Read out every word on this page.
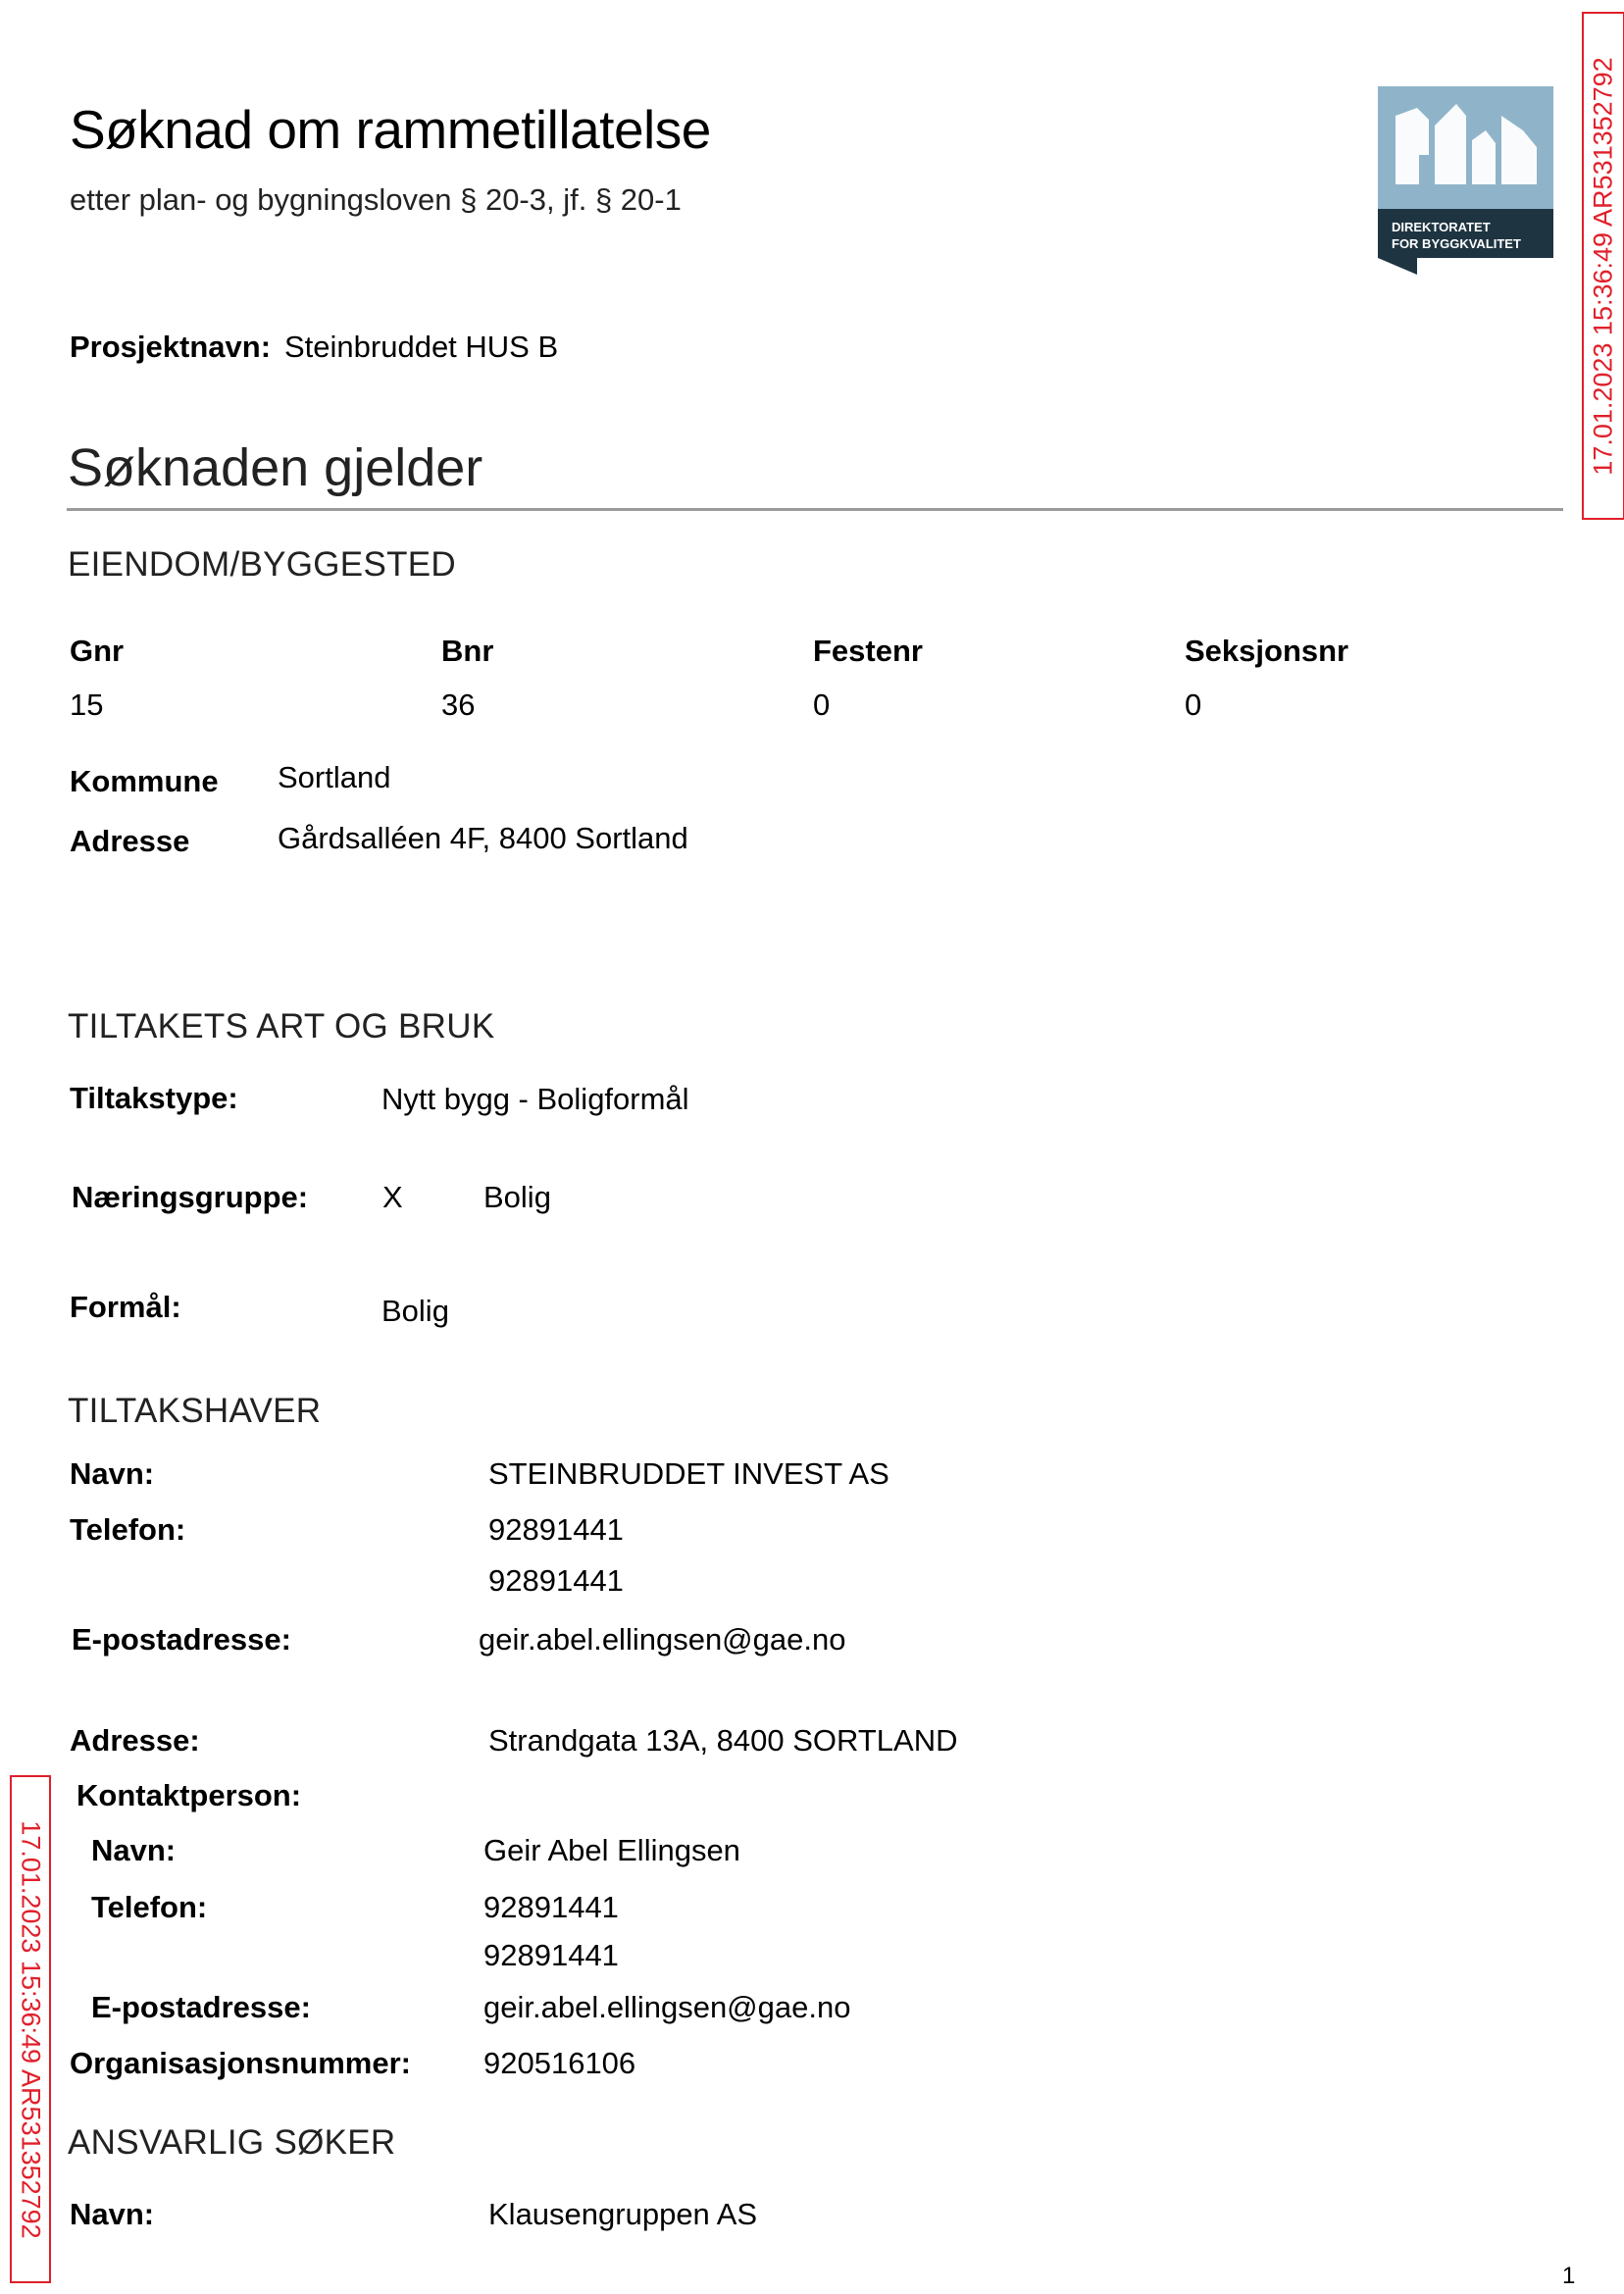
Søknad om rammetillatelse
etter plan- og bygningsloven § 20-3, jf. § 20-1
DIREKTORATET
FOR BYGGKVALITET	17.01.2023 15:36:49 AR531352792
17.01.2023 15:36:49 AR531352792
Prosjektnavn: Steinbruddet HUS B
Søknaden gjelder
EIENDOM/BYGGESTED
Gnr	Bnr	Festenr	Seksjonsnr
15	36	0	0
Kommune Sortland
Adresse	Gårdsalléen 4F, 8400 Sortland
TILTAKETS ART OG BRUK
Tiltakstype:	Nytt bygg - Boligformål
Næringsgruppe: X	Bolig
Formål:	Bolig
TILTAKSHAVER
Navn:	STEINBRUDDET INVEST AS
Telefon:	92891441
92891441
E-postadresse:	geir.abel.ellingsen@gae.no
Adresse:	Strandgata 13A, 8400 SORTLAND
Kontaktperson:
Navn:	Geir Abel Ellingsen
Telefon:	92891441
92891441
E-postadresse:	geir.abel.ellingsen@gae.no
Organisasjonsnummer: 920516106
ANSVARLIG SØKER
Navn:	Klausengruppen AS
1
